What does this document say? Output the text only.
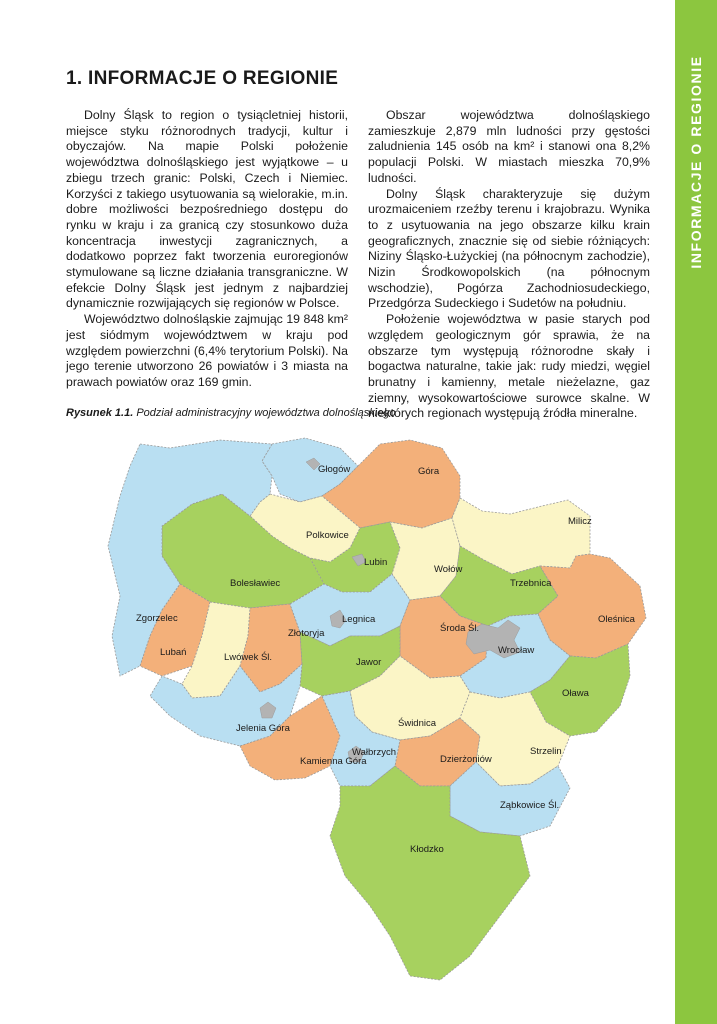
INFORMACJE O REGIONIE
1. INFORMACJE O REGIONIE

Dolny Śląsk to region o tysiącletniej historii, miejsce styku różnorodnych tradycji, kultur i obyczajów. Na mapie Polski położenie województwa dolnośląskiego jest wyjątkowe – u zbiegu trzech granic: Polski, Czech i Niemiec. Korzyści z takiego usytuowania są wielorakie, m.in. dobre możliwości bezpośredniego dostępu do rynku w kraju i za granicą czy stosunkowo duża koncentracja inwestycji zagranicznych, a dodatkowo poprzez fakt tworzenia euroregionów stymulowane są liczne działania transgraniczne. W efekcie Dolny Śląsk jest jednym z najbardziej dynamicznie rozwijających się regionów w Polsce.

Województwo dolnośląskie zajmując 19 848 km² jest siódmym województwem w kraju pod względem powierzchni (6,4% terytorium Polski). Na jego terenie utworzono 26 powiatów i 3 miasta na prawach powiatów oraz 169 gmin.

Obszar województwa dolnośląskiego zamieszkuje 2,879 mln ludności przy gęstości zaludnienia 145 osób na km² i stanowi ona 8,2% populacji Polski. W miastach mieszka 70,9% ludności.

Dolny Śląsk charakteryzuje się dużym urozmaiceniem rzeźby terenu i krajobrazu. Wynika to z usytuowania na jego obszarze kilku krain geograficznych, znacznie się od siebie różniących: Niziny Śląsko-Łużyckiej (na północnym zachodzie), Nizin Środkowopolskich (na północnym wschodzie), Pogórza Zachodniosudeckiego, Przedgórza Sudeckiego i Sudetów na południu.

Położenie województwa w pasie starych pod względem geologicznym gór sprawia, że na obszarze tym występują różnorodne skały i bogactwa naturalne, takie jak: rudy miedzi, węgiel brunatny i kamienny, metale nieżelazne, gaz ziemny, wysokowartościowe surowce skalne. W niektórych regionach występują źródła mineralne.

Rysunek 1.1. Podział administracyjny województwa dolnośląskiego
Głogów	Góra
Milicz
Polkowice
Lubin
Wołów
Trzebnica
Oleśnica
Bolesławiec
Zgorzelec
Lubań	Lwówek Śl.
Złotoryja
Legnica
Środa Śl.
Wrocław
Jawor
Oława
Jelenia Góra	Świdnica
Kamienna Góra
Wałbrzych
Dzierżoniów
Strzelin
Ząbkowice Śl.
Kłodzko
